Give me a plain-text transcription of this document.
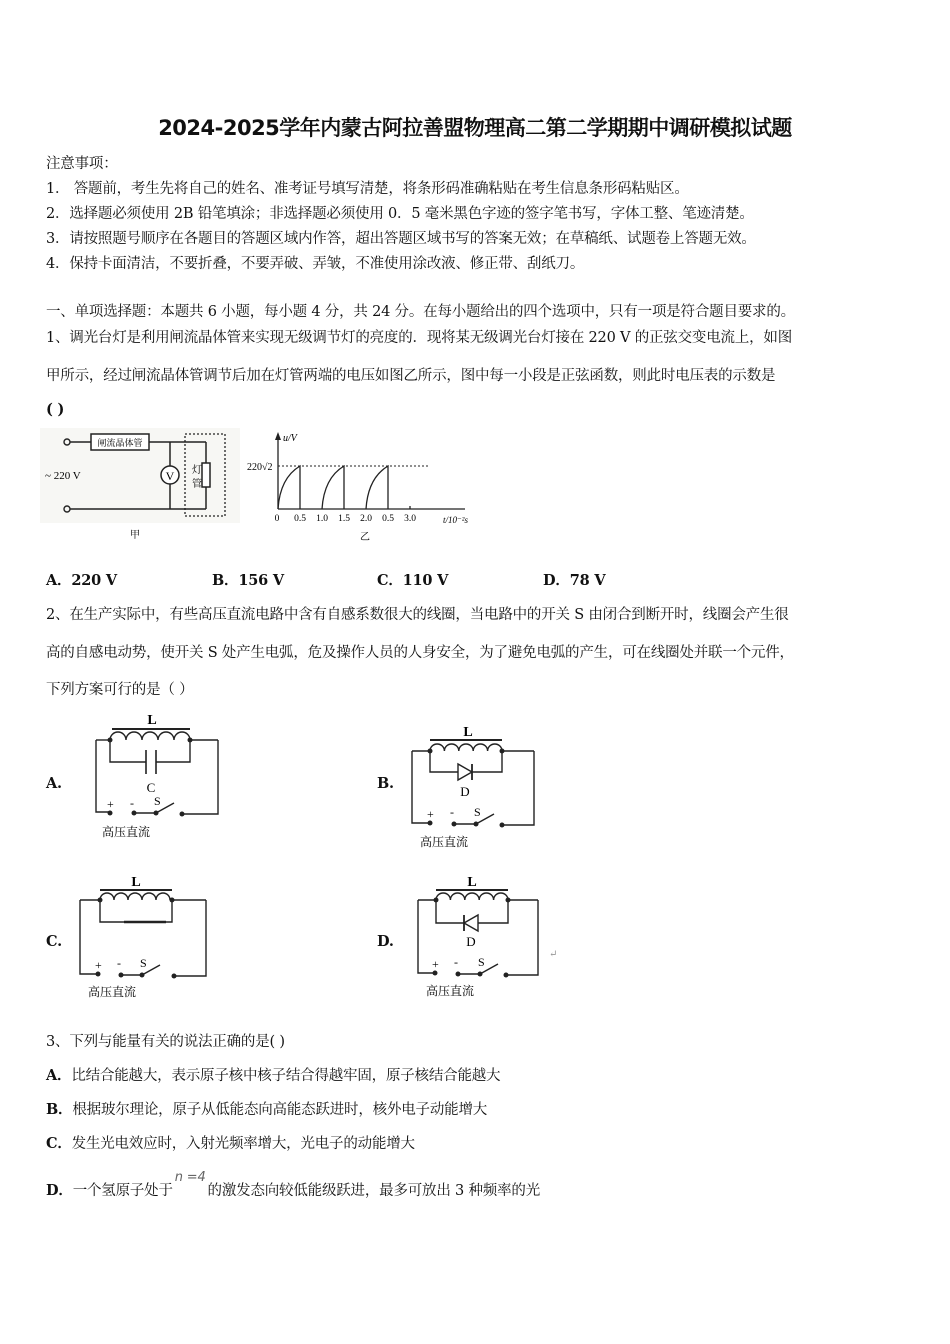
2024-2025学年内蒙古阿拉善盟物理高二第二学期期中调研模拟试题
注意事项：
1． 答题前，考生先将自己的姓名、准考证号填写清楚，将条形码准确粘贴在考生信息条形码粘贴区。
2．选择题必须使用 2B 铅笔填涂；非选择题必须使用 0．5 毫米黑色字迹的签字笔书写，字体工整、笔迹清楚。
3．请按照题号顺序在各题目的答题区域内作答，超出答题区域书写的答案无效；在草稿纸、试题卷上答题无效。
4．保持卡面清洁，不要折叠，不要弄破、弄皱，不准使用涂改液、修正带、刮纸刀。
一、单项选择题：本题共 6 小题，每小题 4 分，共 24 分。在每小题给出的四个选项中，只有一项是符合题目要求的。
1、调光台灯是利用闸流晶体管来实现无级调节灯的亮度的．现将某无级调光台灯接在 220 V 的正弦交变电流上，如图
甲所示，经过闸流晶体管调节后加在灯管两端的电压如图乙所示，图中每一小段是正弦函数，则此时电压表的示数是
( )
闸流晶体管
V 灯
管
~ 220 V
甲
u/V
220√2
0 0.5 1.0 1.5 2.0 0.5 3.0	t/10⁻²s
乙
A．220 V	B．156 V	C．110 V	D．78 V
2、在生产实际中，有些高压直流电路中含有自感系数很大的线圈，当电路中的开关 S 由闭合到断开时，线圈会产生很
高的自感电动势，使开关 S 处产生电弧，危及操作人员的人身安全，为了避免电弧的产生，可在线圈处并联一个元件，
下列方案可行的是（ ）
A.
L
C
+ - S
高压直流
B.
L
D
+ - S
高压直流
C.
L
+ - S
高压直流
D.
L
D
+ - S
高压直流
↵
3、下列与能量有关的说法正确的是( )
A．比结合能越大，表示原子核中核子结合得越牢固，原子核结合能越大
B．根据玻尔理论，原子从低能态向高能态跃进时，核外电子动能增大
C．发生光电效应时，入射光频率增大，光电子的动能增大
D．一个氢原子处于n =4的激发态向较低能级跃进，最多可放出 3 种频率的光
